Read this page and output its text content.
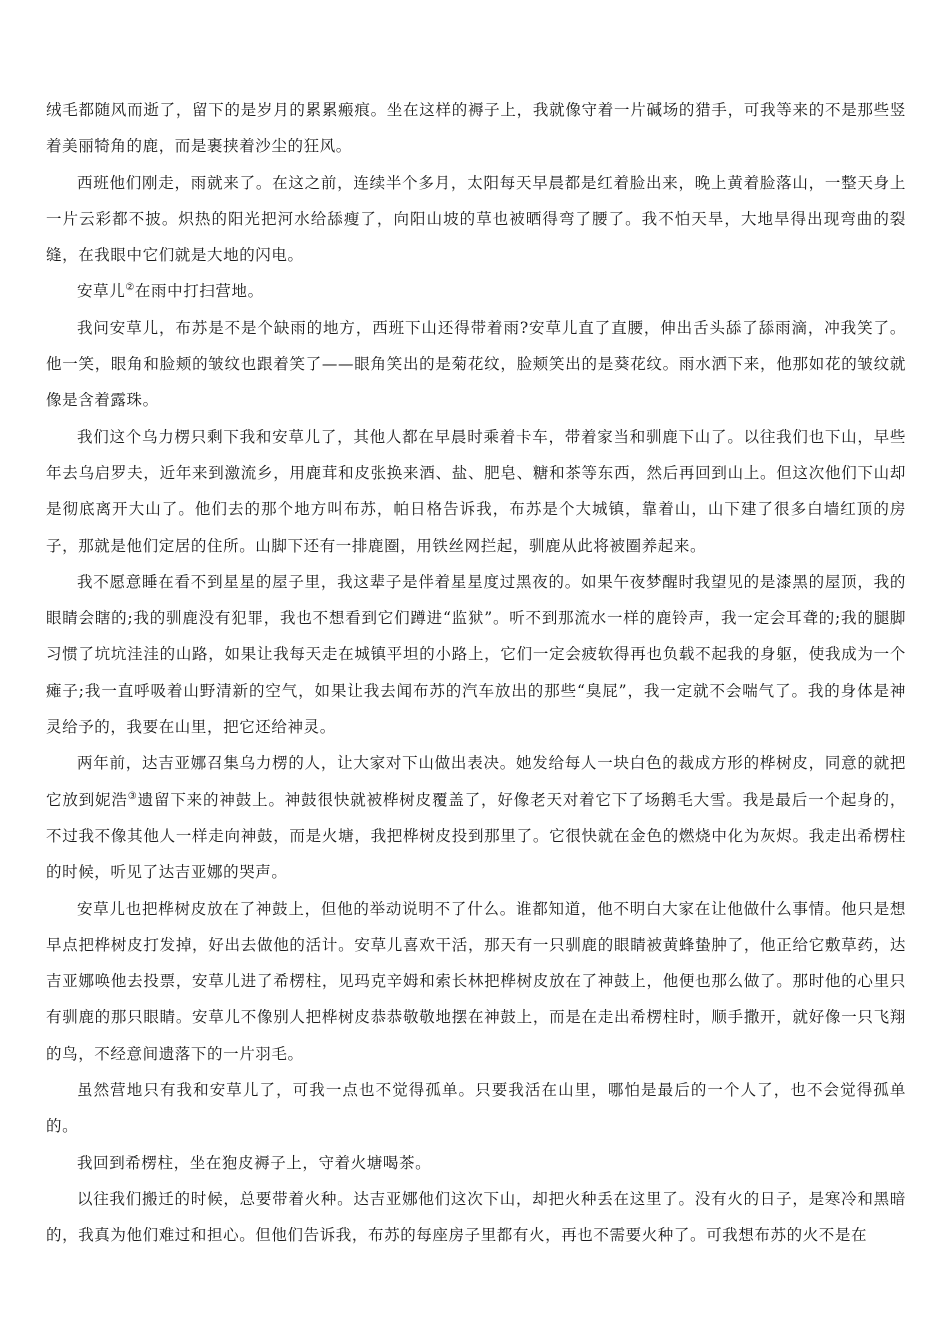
绒毛都随风而逝了，留下的是岁月的累累瘢痕。坐在这样的褥子上，我就像守着一片碱场的猎手，可我等来的不是那些竖着美丽犄角的鹿，而是裹挟着沙尘的狂风。

西班他们刚走，雨就来了。在这之前，连续半个多月，太阳每天早晨都是红着脸出来，晚上黄着脸落山，一整天身上一片云彩都不披。炽热的阳光把河水给舔瘦了，向阳山坡的草也被晒得弯了腰了。我不怕天旱，大地旱得出现弯曲的裂缝，在我眼中它们就是大地的闪电。

安草儿②在雨中打扫营地。

我问安草儿，布苏是不是个缺雨的地方，西班下山还得带着雨?安草儿直了直腰，伸出舌头舔了舔雨滴，冲我笑了。他一笑，眼角和脸颊的皱纹也跟着笑了——眼角笑出的是菊花纹，脸颊笑出的是葵花纹。雨水洒下来，他那如花的皱纹就像是含着露珠。

我们这个乌力楞只剩下我和安草儿了，其他人都在早晨时乘着卡车，带着家当和驯鹿下山了。以往我们也下山，早些年去乌启罗夫，近年来到激流乡，用鹿茸和皮张换来酒、盐、肥皂、糖和茶等东西，然后再回到山上。但这次他们下山却是彻底离开大山了。他们去的那个地方叫布苏，帕日格告诉我，布苏是个大城镇，靠着山，山下建了很多白墙红顶的房子，那就是他们定居的住所。山脚下还有一排鹿圈，用铁丝网拦起，驯鹿从此将被圈养起来。

我不愿意睡在看不到星星的屋子里，我这辈子是伴着星星度过黑夜的。如果午夜梦醒时我望见的是漆黑的屋顶，我的眼睛会瞎的;我的驯鹿没有犯罪，我也不想看到它们蹲进“监狱”。听不到那流水一样的鹿铃声，我一定会耳聋的;我的腿脚习惯了坑坑洼洼的山路，如果让我每天走在城镇平坦的小路上，它们一定会疲软得再也负载不起我的身躯，使我成为一个瘫子;我一直呼吸着山野清新的空气，如果让我去闻布苏的汽车放出的那些“臭屁”，我一定就不会喘气了。我的身体是神灵给予的，我要在山里，把它还给神灵。

两年前，达吉亚娜召集乌力楞的人，让大家对下山做出表决。她发给每人一块白色的裁成方形的桦树皮，同意的就把它放到妮浩③遗留下来的神鼓上。神鼓很快就被桦树皮覆盖了，好像老天对着它下了场鹅毛大雪。我是最后一个起身的，不过我不像其他人一样走向神鼓，而是火塘，我把桦树皮投到那里了。它很快就在金色的燃烧中化为灰烬。我走出希楞柱的时候，听见了达吉亚娜的哭声。

安草儿也把桦树皮放在了神鼓上，但他的举动说明不了什么。谁都知道，他不明白大家在让他做什么事情。他只是想早点把桦树皮打发掉，好出去做他的活计。安草儿喜欢干活，那天有一只驯鹿的眼睛被黄蜂蛰肿了，他正给它敷草药，达吉亚娜唤他去投票，安草儿进了希楞柱，见玛克辛姆和索长林把桦树皮放在了神鼓上，他便也那么做了。那时他的心里只有驯鹿的那只眼睛。安草儿不像别人把桦树皮恭恭敬敬地摆在神鼓上，而是在走出希楞柱时，顺手撒开，就好像一只飞翔的鸟，不经意间遗落下的一片羽毛。

虽然营地只有我和安草儿了，可我一点也不觉得孤单。只要我活在山里，哪怕是最后的一个人了，也不会觉得孤单的。

我回到希楞柱，坐在狍皮褥子上，守着火塘喝茶。

以往我们搬迁的时候，总要带着火种。达吉亚娜他们这次下山，却把火种丢在这里了。没有火的日子，是寒冷和黑暗的，我真为他们难过和担心。但他们告诉我，布苏的每座房子里都有火，再也不需要火种了。可我想布苏的火不是在
